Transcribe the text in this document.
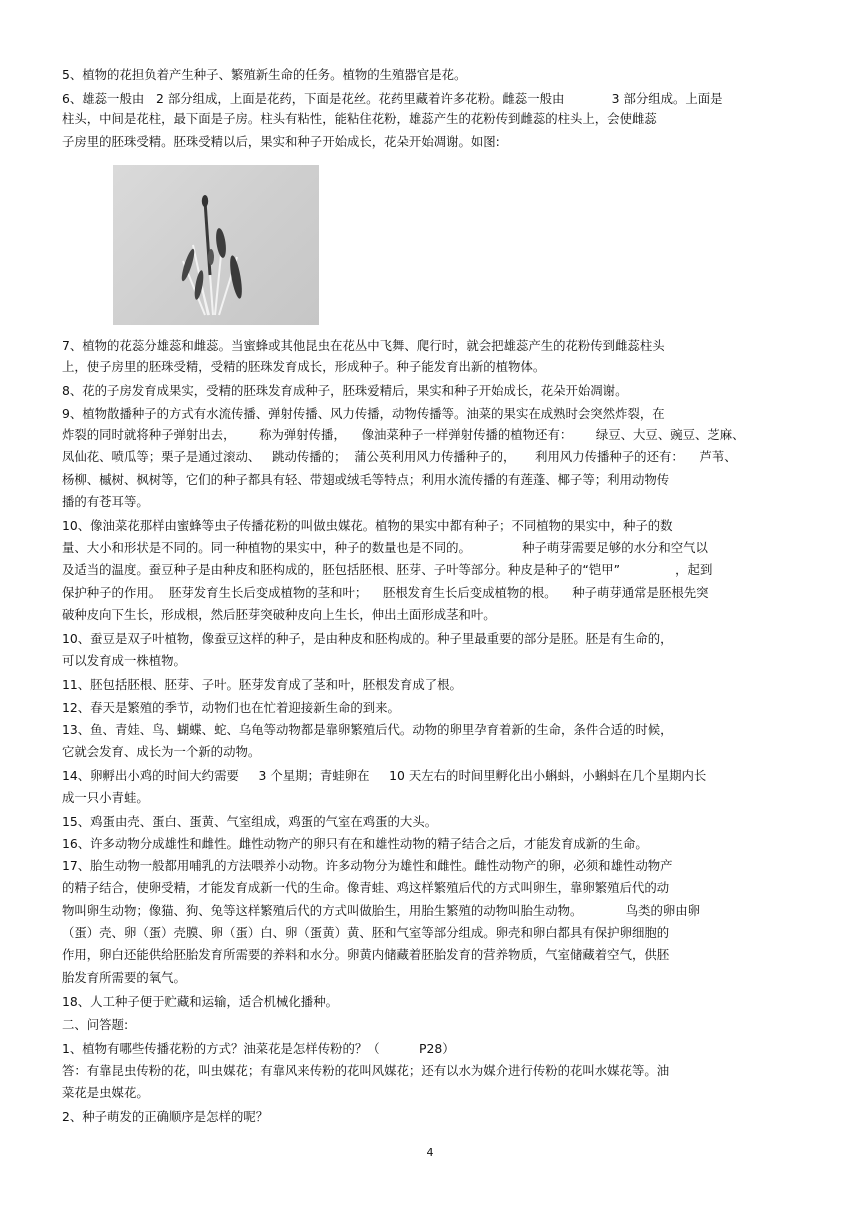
5、植物的花担负着产生种子、繁殖新生命的任务。植物的生殖器官是花。
6、雄蕊一般由   2 部分组成，上面是花药，下面是花丝。花药里藏着许多花粉。雌蕊一般由            3 部分组成。上面是
柱头，中间是花柱，最下面是子房。柱头有粘性，能粘住花粉，雄蕊产生的花粉传到雌蕊的柱头上，会使雌蕊
子房里的胚珠受精。胚珠受精以后，果实和种子开始成长，花朵开始凋谢。如图:
7、植物的花蕊分雄蕊和雌蕊。当蜜蜂或其他昆虫在花丛中飞舞、爬行时，就会把雄蕊产生的花粉传到雌蕊柱头
上，使子房里的胚珠受精，受精的胚珠发育成长，形成种子。种子能发育出新的植物体。
8、花的子房发育成果实，受精的胚珠发育成种子，胚珠爱精后，果实和种子开始成长，花朵开始凋谢。
9、植物散播种子的方式有水流传播、弹射传播、风力传播，动物传播等。油菜的果实在成熟时会突然炸裂，在
炸裂的同时就将种子弹射出去，      称为弹射传播，    像油菜种子一样弹射传播的植物还有：      绿豆、大豆、豌豆、芝麻、
凤仙花、喷瓜等；栗子是通过滚动、   跳动传播的；  蒲公英利用风力传播种子的，     利用风力传播种子的还有：    芦苇、
杨柳、槭树、枫树等，它们的种子都具有轻、带翅或绒毛等特点；利用水流传播的有莲蓬、椰子等；利用动物传
播的有苍耳等。
10、像油菜花那样由蜜蜂等虫子传播花粉的叫做虫媒花。植物的果实中都有种子；不同植物的果实中，种子的数
量、大小和形状是不同的。同一种植物的果实中，种子的数量也是不同的。             种子萌芽需要足够的水分和空气以
及适当的温度。蚕豆种子是由种皮和胚构成的，胚包括胚根、胚芽、子叶等部分。种皮是种子的“铠甲”              ，起到
保护种子的作用。  胚芽发育生长后变成植物的茎和叶；    胚根发育生长后变成植物的根。    种子萌芽通常是胚根先突
破种皮向下生长，形成根，然后胚芽突破种皮向上生长，伸出土面形成茎和叶。
10、蚕豆是双子叶植物，像蚕豆这样的种子，是由种皮和胚构成的。种子里最重要的部分是胚。胚是有生命的，
可以发育成一株植物。
11、胚包括胚根、胚芽、子叶。胚芽发育成了茎和叶，胚根发育成了根。
12、春天是繁殖的季节，动物们也在忙着迎接新生命的到来。
13、鱼、青娃、鸟、蝴蝶、蛇、乌龟等动物都是靠卵繁殖后代。动物的卵里孕育着新的生命，条件合适的时候，
它就会发育、成长为一个新的动物。
14、卵孵出小鸡的时间大约需要     3 个星期；青蛙卵在     10 天左右的时间里孵化出小蝌蚪，小蝌蚪在几个星期内长
成一只小青蛙。
15、鸡蛋由壳、蛋白、蛋黄、气室组成，鸡蛋的气室在鸡蛋的大头。
16、许多动物分成雄性和雌性。雌性动物产的卵只有在和雄性动物的精子结合之后，才能发育成新的生命。
17、胎生动物一般都用哺乳的方法喂养小动物。许多动物分为雄性和雌性。雌性动物产的卵，必须和雄性动物产
的精子结合，使卵受精，才能发育成新一代的生命。像青蛙、鸡这样繁殖后代的方式叫卵生，靠卵繁殖后代的动
物叫卵生动物；像猫、狗、兔等这样繁殖后代的方式叫做胎生，用胎生繁殖的动物叫胎生动物。           鸟类的卵由卵
（蛋）壳、卵（蛋）壳膜、卵（蛋）白、卵（蛋黄）黄、胚和气室等部分组成。卵壳和卵白都具有保护卵细胞的
作用，卵白还能供给胚胎发育所需要的养料和水分。卵黄内储藏着胚胎发育的营养物质，气室储藏着空气，供胚
胎发育所需要的氧气。
18、人工种子便于贮藏和运输，适合机械化播种。
二、问答题:
1、植物有哪些传播花粉的方式？油菜花是怎样传粉的？（          P28）
答：有靠昆虫传粉的花，叫虫媒花；有靠风来传粉的花叫风媒花；还有以水为媒介进行传粉的花叫水媒花等。油
菜花是虫媒花。
2、种子萌发的正确顺序是怎样的呢？
4
